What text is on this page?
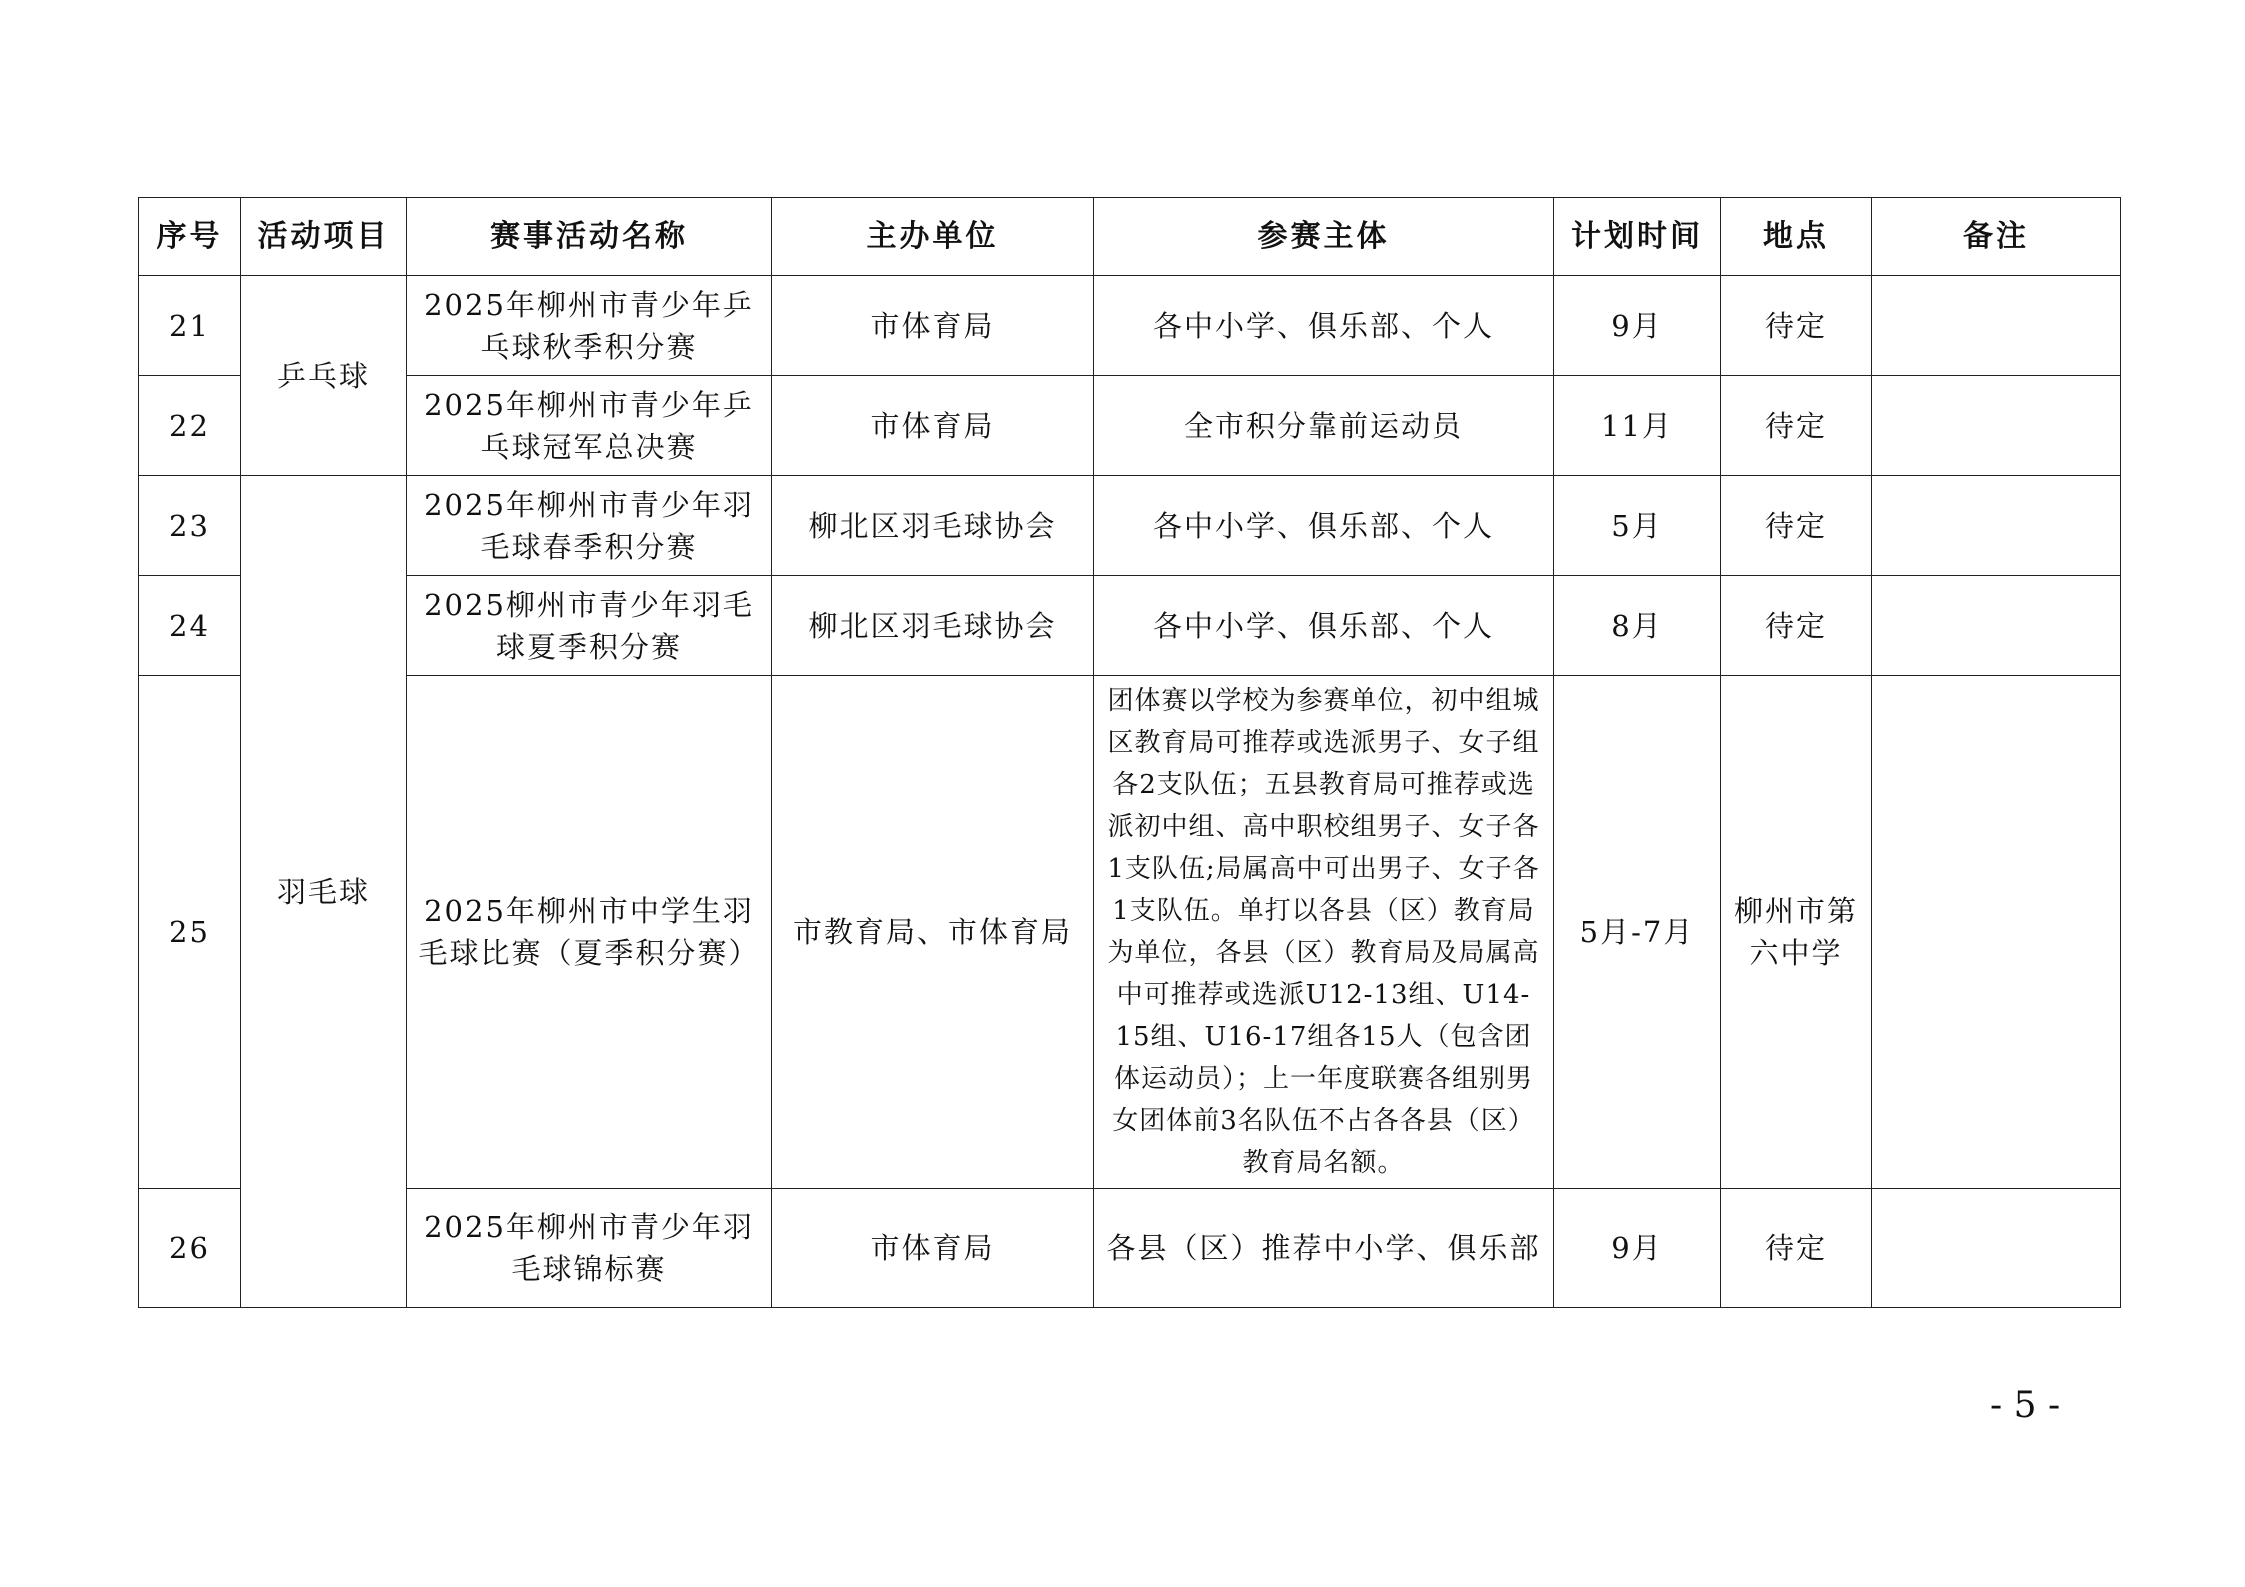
序号	活动项目	赛事活动名称	主办单位	参赛主体	计划时间	地点	备注
21	乒乓球	2025年柳州市青少年乒乓球秋季积分赛	市体育局	各中小学、俱乐部、个人	9月	待定	
22		2025年柳州市青少年乒乓球冠军总决赛	市体育局	全市积分靠前运动员	11月	待定	
23	羽毛球	2025年柳州市青少年羽毛球春季积分赛	柳北区羽毛球协会	各中小学、俱乐部、个人	5月	待定	
24		2025柳州市青少年羽毛球夏季积分赛	柳北区羽毛球协会	各中小学、俱乐部、个人	8月	待定	
25		2025年柳州市中学生羽毛球比赛（夏季积分赛）	市教育局、市体育局	团体赛以学校为参赛单位，初中组城区教育局可推荐或选派男子、女子组各2支队伍；五县教育局可推荐或选派初中组、高中职校组男子、女子各1支队伍;局属高中可出男子、女子各1支队伍。单打以各县（区）教育局为单位，各县（区）教育局及局属高中可推荐或选派U12-13组、U14-15组、U16-17组各15人（包含团体运动员）；上一年度联赛各组别男女团体前3名队伍不占各各县（区）教育局名额。	5月-7月	柳州市第六中学	
26		2025年柳州市青少年羽毛球锦标赛	市体育局	各县（区）推荐中小学、俱乐部	9月	待定	
- 5 -
